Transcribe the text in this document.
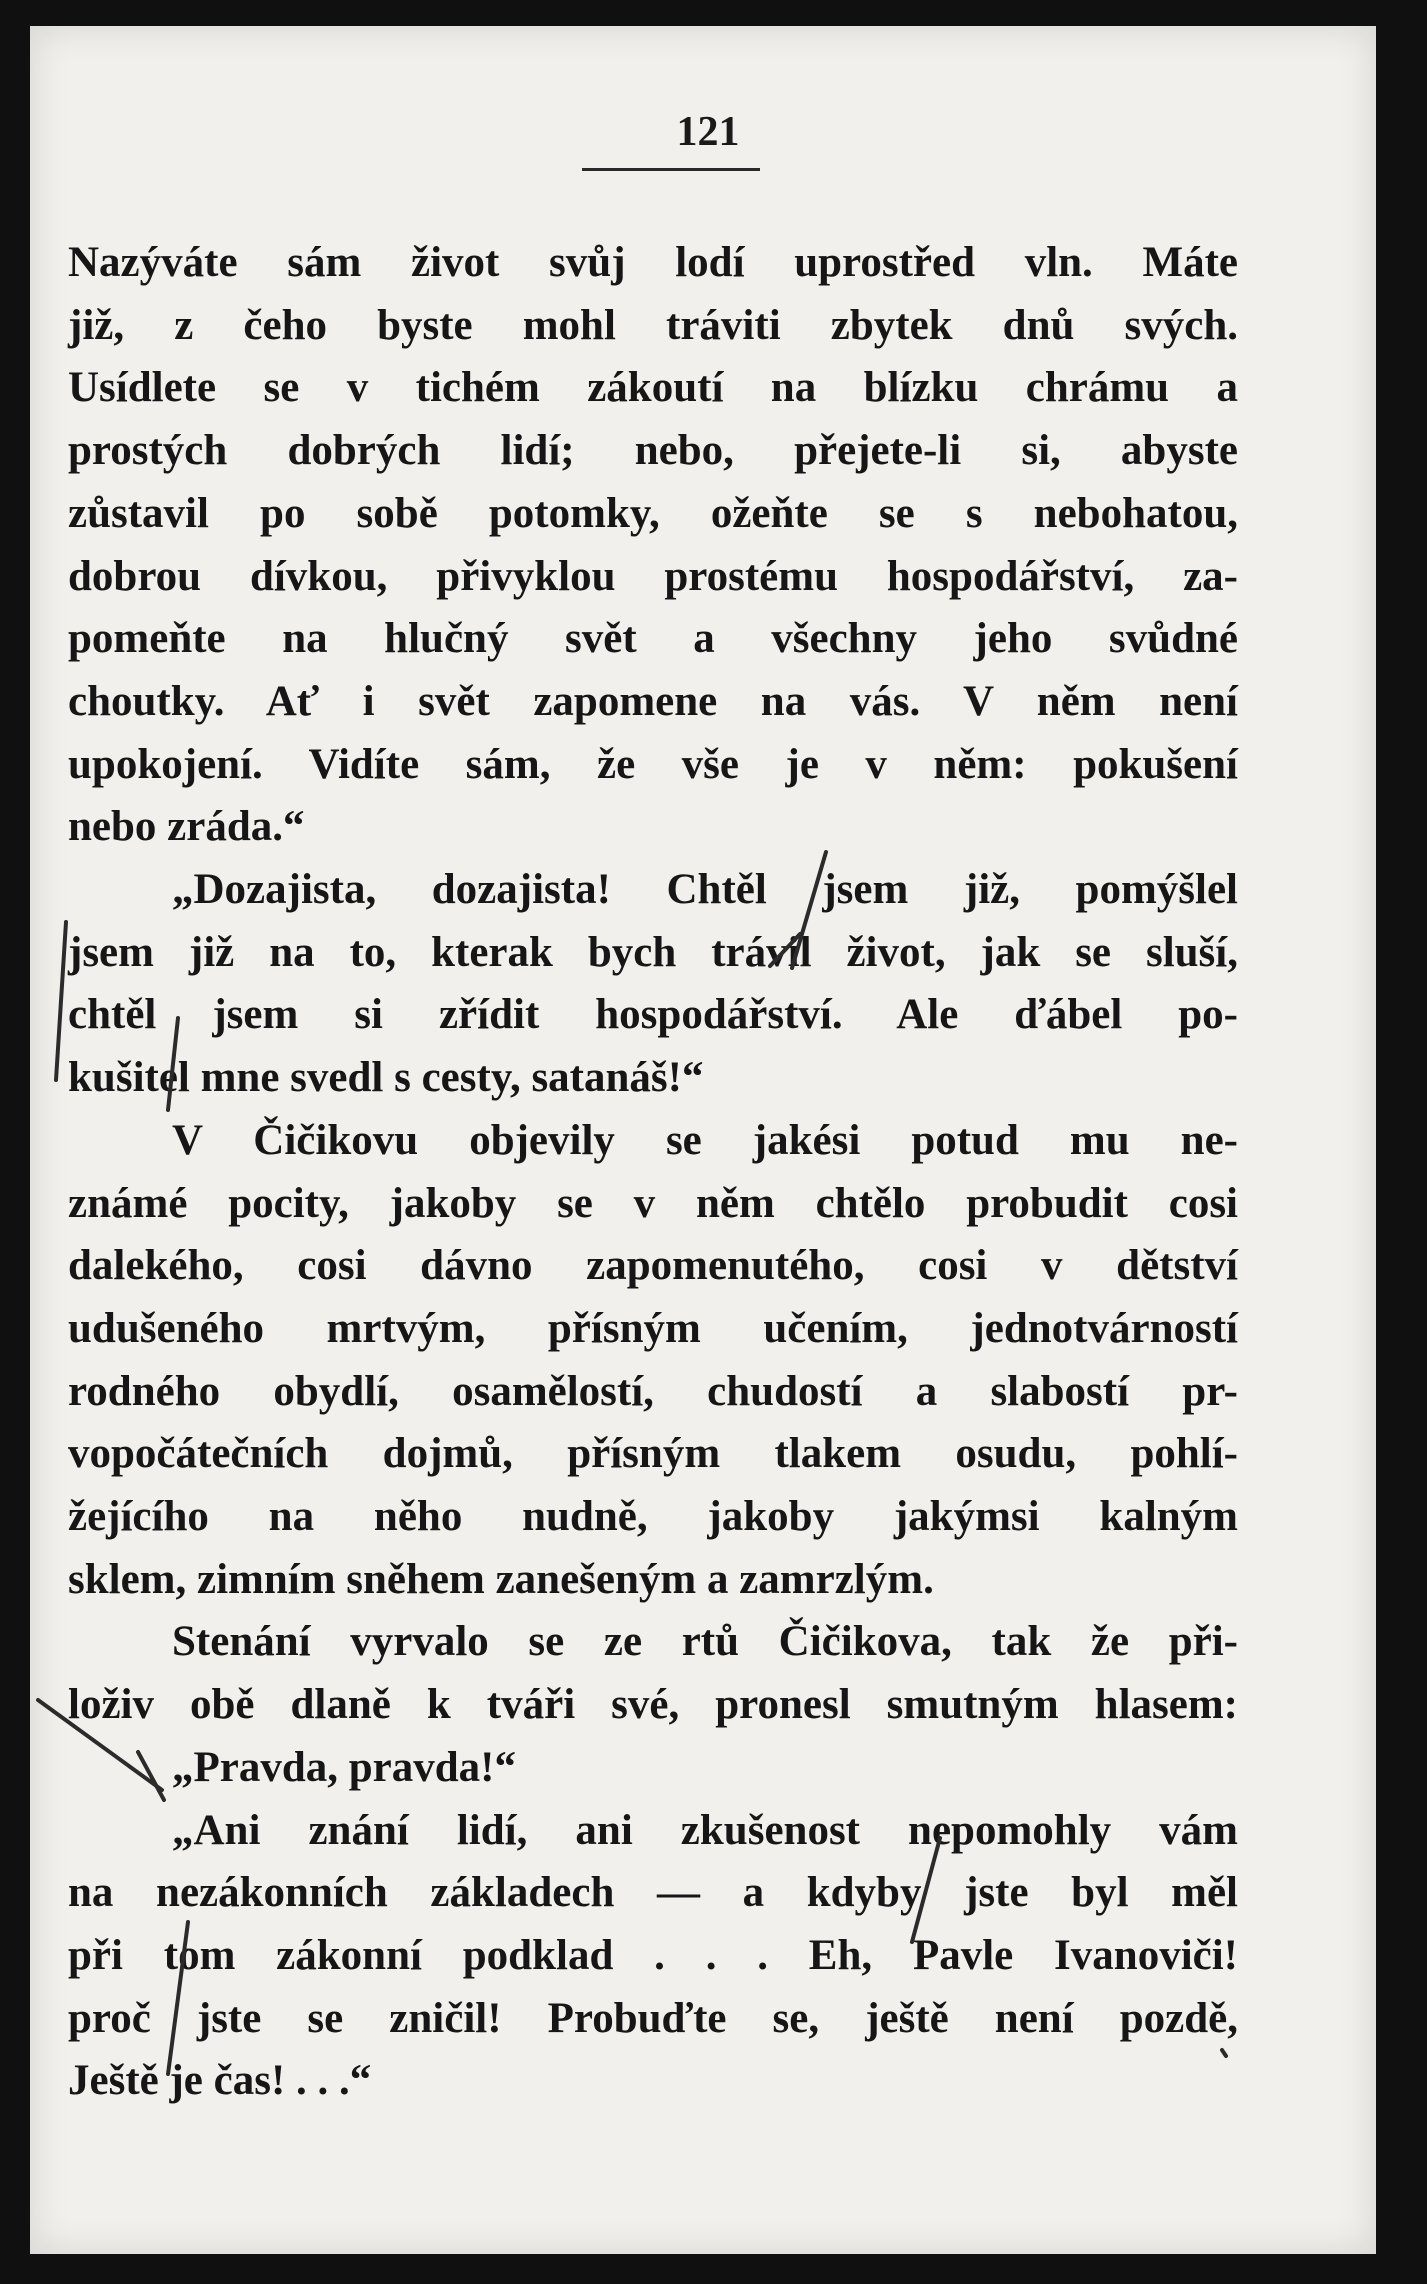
121
Nazýváte sám život svůj lodí uprostřed vln. Máte
již, z čeho byste mohl tráviti zbytek dnů svých.
Usídlete se v tichém zákoutí na blízku chrámu a
prostých dobrých lidí; nebo, přejete-li si, abyste
zůstavil po sobě potomky, ožeňte se s nebohatou,
dobrou dívkou, přivyklou prostému hospodářství, za-
pomeňte na hlučný svět a všechny jeho svůdné
choutky. Ať i svět zapomene na vás. V něm není
upokojení. Vidíte sám, že vše je v něm: pokušení
nebo zráda.“
„Dozajista, dozajista! Chtěl jsem již, pomýšlel
jsem již na to, kterak bych trávil život, jak se sluší,
chtěl jsem si zřídit hospodářství. Ale ďábel po-
kušitel mne svedl s cesty, satanáš!“
V Čičikovu objevily se jakési potud mu ne-
známé pocity, jakoby se v něm chtělo probudit cosi
dalekého, cosi dávno zapomenutého, cosi v dětství
udušeného mrtvým, přísným učením, jednotvárností
rodného obydlí, osamělostí, chudostí a slabostí pr-
vopočátečních dojmů, přísným tlakem osudu, pohlí-
žejícího na něho nudně, jakoby jakýmsi kalným
sklem, zimním sněhem zanešeným a zamrzlým.
Stenání vyrvalo se ze rtů Čičikova, tak že při-
loživ obě dlaně k tváři své, pronesl smutným hlasem:
„Pravda, pravda!“
„Ani znání lidí, ani zkušenost nepomohly vám
na nezákonních základech — a kdyby jste byl měl
při tom zákonní podklad . . . Eh, Pavle Ivanoviči!
proč jste se zničil! Probuďte se, ještě není pozdě,
Ještě je čas! . . .“
